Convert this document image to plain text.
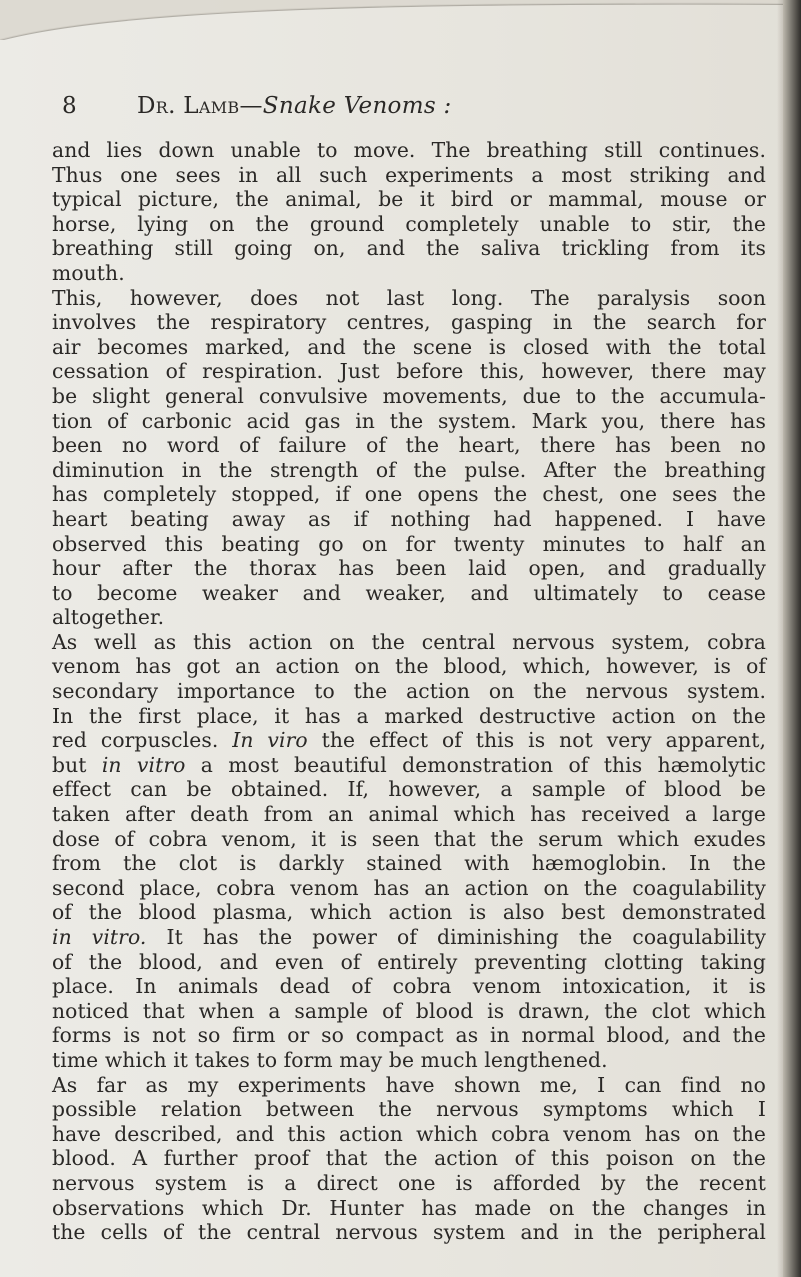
8	Dr. Lamb—Snake Venoms :
and lies down unable to move. The breathing still continues.
Thus one sees in all such experiments a most striking and
typical picture, the animal, be it bird or mammal, mouse or
horse, lying on the ground completely unable to stir, the
breathing still going on, and the saliva trickling from its
mouth.
This, however, does not last long. The paralysis soon
involves the respiratory centres, gasping in the search for
air becomes marked, and the scene is closed with the total
cessation of respiration. Just before this, however, there may
be slight general convulsive movements, due to the accumula-
tion of carbonic acid gas in the system. Mark you, there has
been no word of failure of the heart, there has been no
diminution in the strength of the pulse. After the breathing
has completely stopped, if one opens the chest, one sees the
heart beating away as if nothing had happened. I have
observed this beating go on for twenty minutes to half an
hour after the thorax has been laid open, and gradually
to become weaker and weaker, and ultimately to cease
altogether.
As well as this action on the central nervous system, cobra
venom has got an action on the blood, which, however, is of
secondary importance to the action on the nervous system.
In the first place, it has a marked destructive action on the
red corpuscles. In viro the effect of this is not very apparent,
but in vitro a most beautiful demonstration of this hæmolytic
effect can be obtained. If, however, a sample of blood be
taken after death from an animal which has received a large
dose of cobra venom, it is seen that the serum which exudes
from the clot is darkly stained with hæmoglobin. In the
second place, cobra venom has an action on the coagulability
of the blood plasma, which action is also best demonstrated
in vitro. It has the power of diminishing the coagulability
of the blood, and even of entirely preventing clotting taking
place. In animals dead of cobra venom intoxication, it is
noticed that when a sample of blood is drawn, the clot which
forms is not so firm or so compact as in normal blood, and the
time which it takes to form may be much lengthened.
As far as my experiments have shown me, I can find no
possible relation between the nervous symptoms which I
have described, and this action which cobra venom has on the
blood. A further proof that the action of this poison on the
nervous system is a direct one is afforded by the recent
observations which Dr. Hunter has made on the changes in
the cells of the central nervous system and in the peripheral
